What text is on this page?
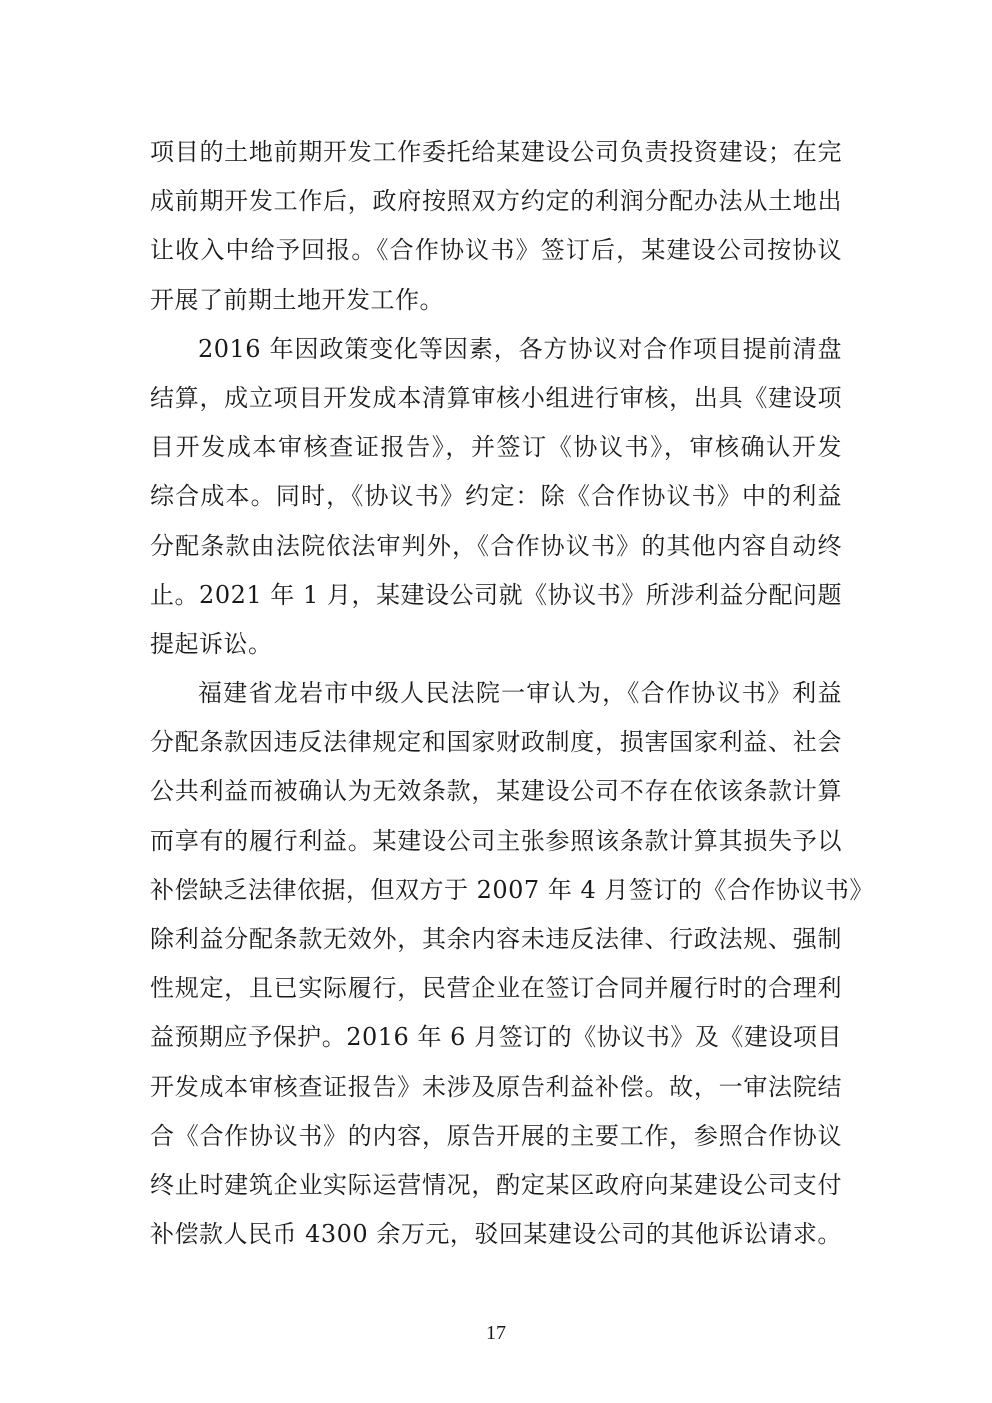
项目的土地前期开发工作委托给某建设公司负责投资建设；在完
成前期开发工作后，政府按照双方约定的利润分配办法从土地出
让收入中给予回报。《合作协议书》签订后，某建设公司按协议
开展了前期土地开发工作。
2016 年因政策变化等因素，各方协议对合作项目提前清盘
结算，成立项目开发成本清算审核小组进行审核，出具《建设项
目开发成本审核查证报告》，并签订《协议书》，审核确认开发
综合成本。同时，《协议书》约定：除《合作协议书》中的利益
分配条款由法院依法审判外，《合作协议书》的其他内容自动终
止。2021 年 1 月，某建设公司就《协议书》所涉利益分配问题
提起诉讼。
福建省龙岩市中级人民法院一审认为，《合作协议书》利益
分配条款因违反法律规定和国家财政制度，损害国家利益、社会
公共利益而被确认为无效条款，某建设公司不存在依该条款计算
而享有的履行利益。某建设公司主张参照该条款计算其损失予以
补偿缺乏法律依据，但双方于 2007 年 4 月签订的《合作协议书》
除利益分配条款无效外，其余内容未违反法律、行政法规、强制
性规定，且已实际履行，民营企业在签订合同并履行时的合理利
益预期应予保护。2016 年 6 月签订的《协议书》及《建设项目
开发成本审核查证报告》未涉及原告利益补偿。故，一审法院结
合《合作协议书》的内容，原告开展的主要工作，参照合作协议
终止时建筑企业实际运营情况，酌定某区政府向某建设公司支付
补偿款人民币 4300 余万元，驳回某建设公司的其他诉讼请求。
17
